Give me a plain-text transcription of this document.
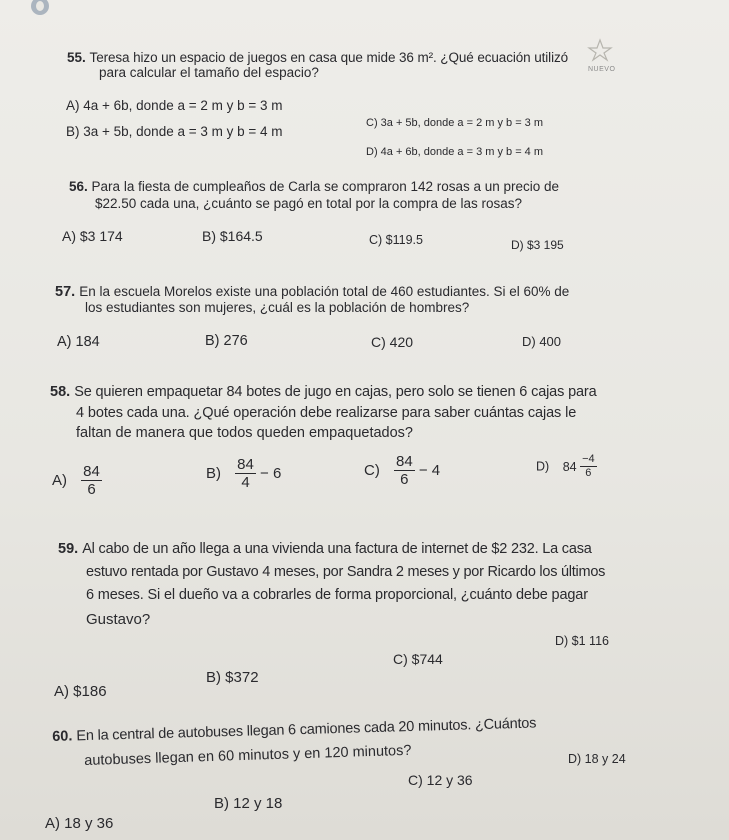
NUEVO
55. Teresa hizo un espacio de juegos en casa que mide 36 m². ¿Qué ecuación utilizó
para calcular el tamaño del espacio?
A) 4a + 6b, donde a = 2 m y b = 3 m
B) 3a + 5b, donde a = 3 m y b = 4 m
C) 3a + 5b, donde a = 2 m y b = 3 m
D) 4a + 6b, donde a = 3 m y b = 4 m
56. Para la fiesta de cumpleaños de Carla se compraron 142 rosas a un precio de
$22.50 cada una, ¿cuánto se pagó en total por la compra de las rosas?
A) $3 174	B) $164.5	C) $119.5	D) $3 195
57. En la escuela Morelos existe una población total de 460 estudiantes. Si el 60% de
los estudiantes son mujeres, ¿cuál es la población de hombres?
A) 184	B) 276	C) 420	D) 400
58. Se quieren empaquetar 84 botes de jugo en cajas, pero solo se tienen 6 cajas para
4 botes cada una. ¿Qué operación debe realizarse para saber cuántas cajas le
faltan de manera que todos queden empaquetados?
$A) \frac{84}{6}$	$B) \frac{84}{4} - 6$	$C) \frac{84}{6} - 4$	D) $84 \frac{-4}{6}$
59. Al cabo de un año llega a una vivienda una factura de internet de $2 232. La casa
estuvo rentada por Gustavo 4 meses, por Sandra 2 meses y por Ricardo los últimos
6 meses. Si el dueño va a cobrarles de forma proporcional, ¿cuánto debe pagar
Gustavo?
A) $186
B) $372
C) $744
D) $1 116
60. En la central de autobuses llegan 6 camiones cada 20 minutos. ¿Cuántos
autobuses llegan en 60 minutos y en 120 minutos?
A) 18 y 36
B) 12 y 18
C) 12 y 36
D) 18 y 24
